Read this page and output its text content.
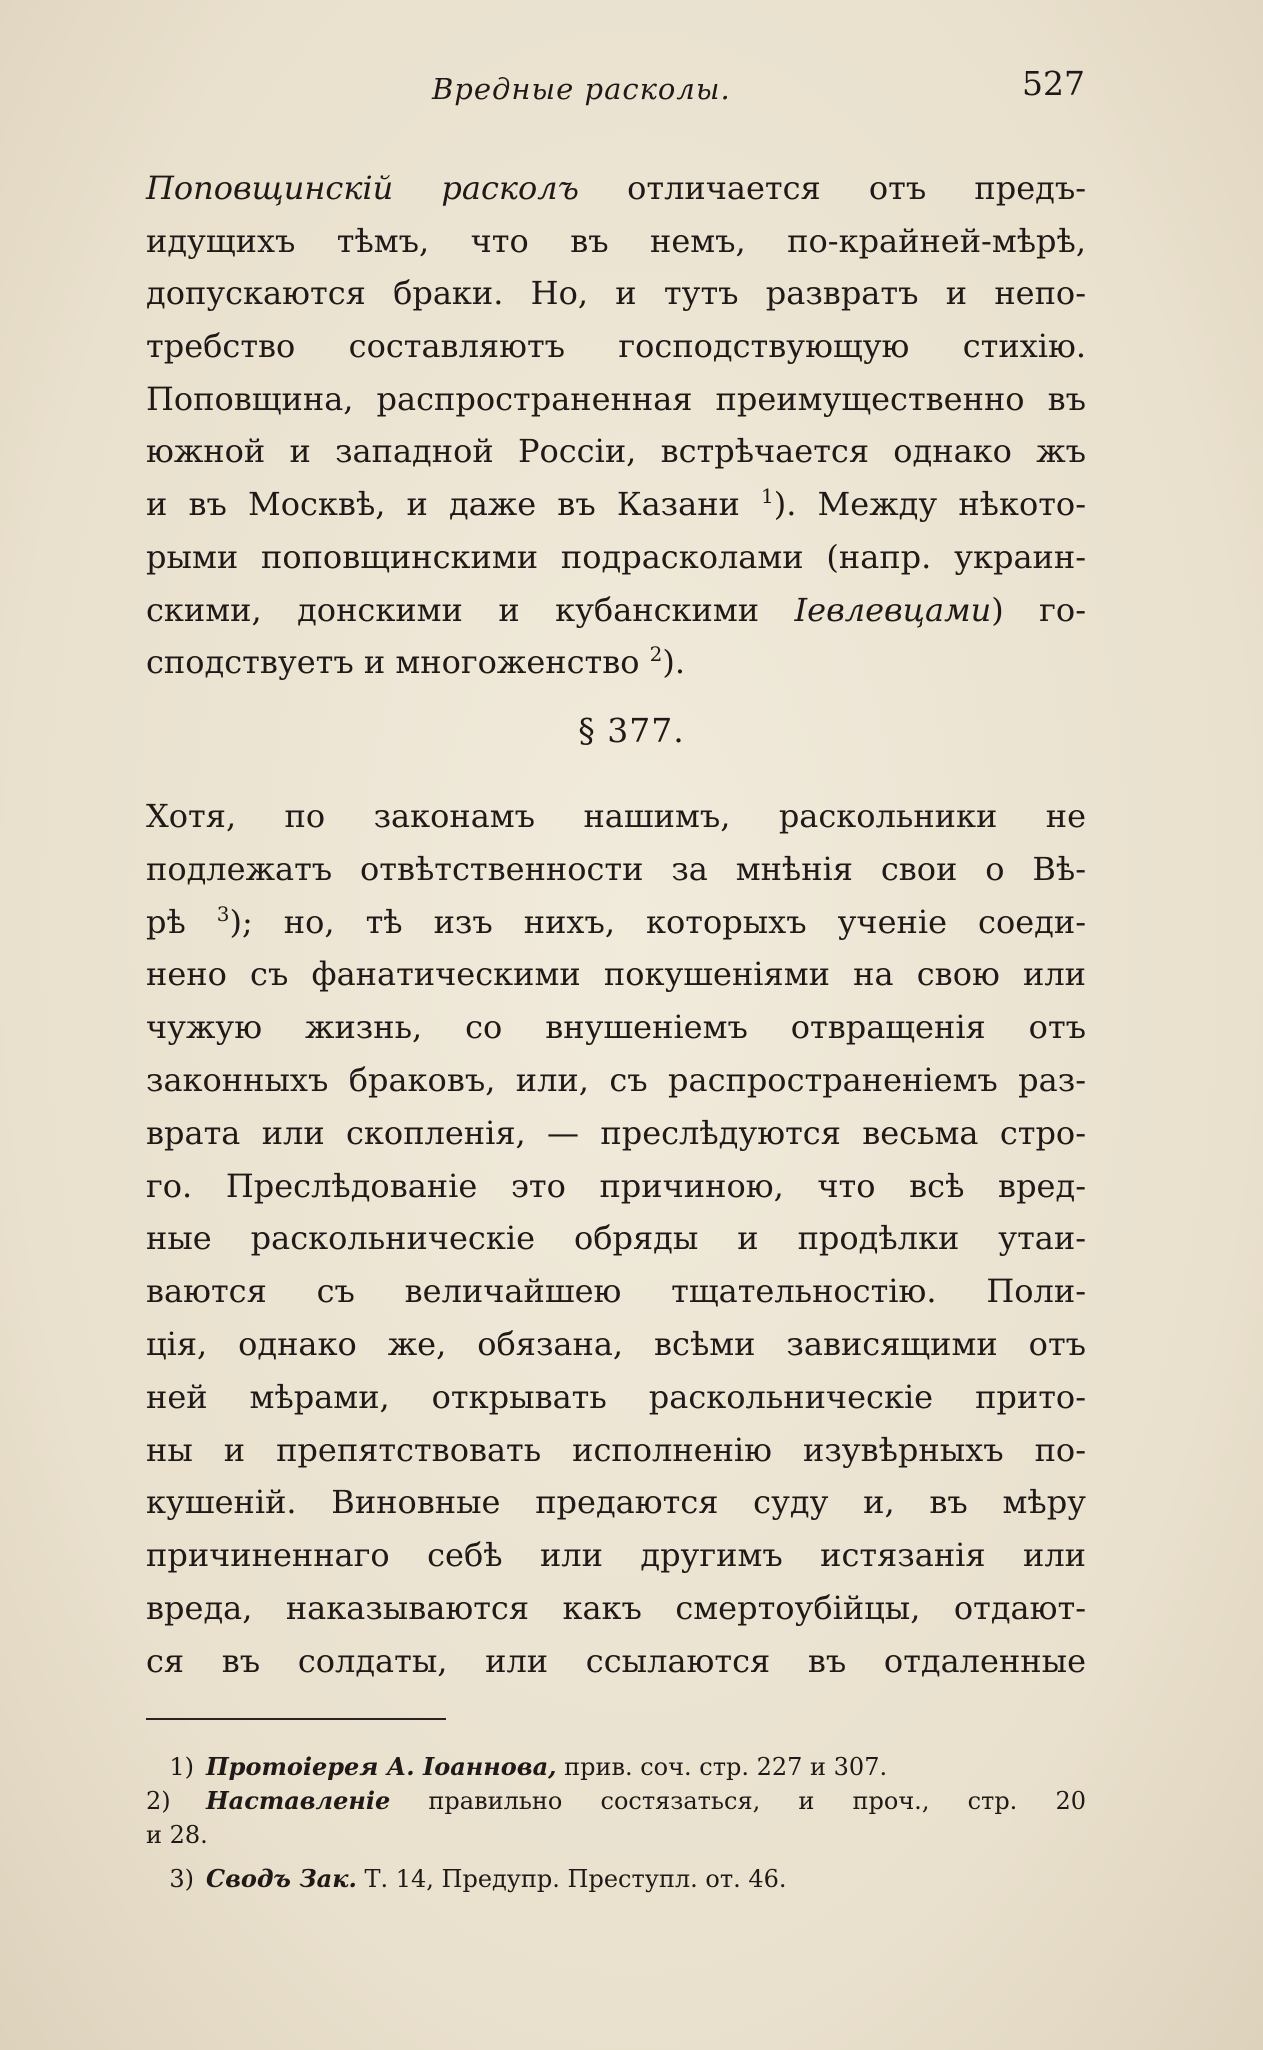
Вредные расколы.	527
Поповщинскій расколъ отличается отъ предъ-
идущихъ тѣмъ, что въ немъ, по-крайней-мѣрѣ,
допускаются браки. Но, и тутъ развратъ и непо-
требство составляютъ господствующую стихію.
Поповщина, распространенная преимущественно въ
южной и западной Россіи, встрѣчается однако жъ
и въ Москвѣ, и даже въ Казани $^1$). Между нѣкото-
рыми поповщинскими подрасколами (напр. украин-
скими, донскими и кубанскими Іевлевцами) го-
сподствуетъ и многоженство $^2$).
§ 377.
Хотя, по законамъ нашимъ, раскольники не
подлежатъ отвѣтственности за мнѣнія свои о Вѣ-
рѣ $^3$); но, тѣ изъ нихъ, которыхъ ученіе соеди-
нено съ фанатическими покушеніями на свою или
чужую жизнь, со внушеніемъ отвращенія отъ
законныхъ браковъ, или, съ распространеніемъ раз-
врата или скопленія, — преслѣдуются весьма стро-
го. Преслѣдованіе это причиною, что всѣ вред-
ные раскольническіе обряды и продѣлки утаи-
ваются съ величайшею тщательностію. Поли-
ція, однако же, обязана, всѣми зависящими отъ
ней мѣрами, открывать раскольническіе прито-
ны и препятствовать исполненію изувѣрныхъ по-
кушеній. Виновные предаются суду и, въ мѣру
причиненнаго себѣ или другимъ истязанія или
вреда, наказываются какъ смертоубійцы, отдают-
ся въ солдаты, или ссылаются въ отдаленные
1) Протоіерея А. Іоаннова, прив. соч. стр. 227 и 307.
2) Наставленіе правильно состязаться, и проч., стр. 20
и 28.
3) Сводъ Зак. Т. 14, Предупр. Преступл. от. 46.
